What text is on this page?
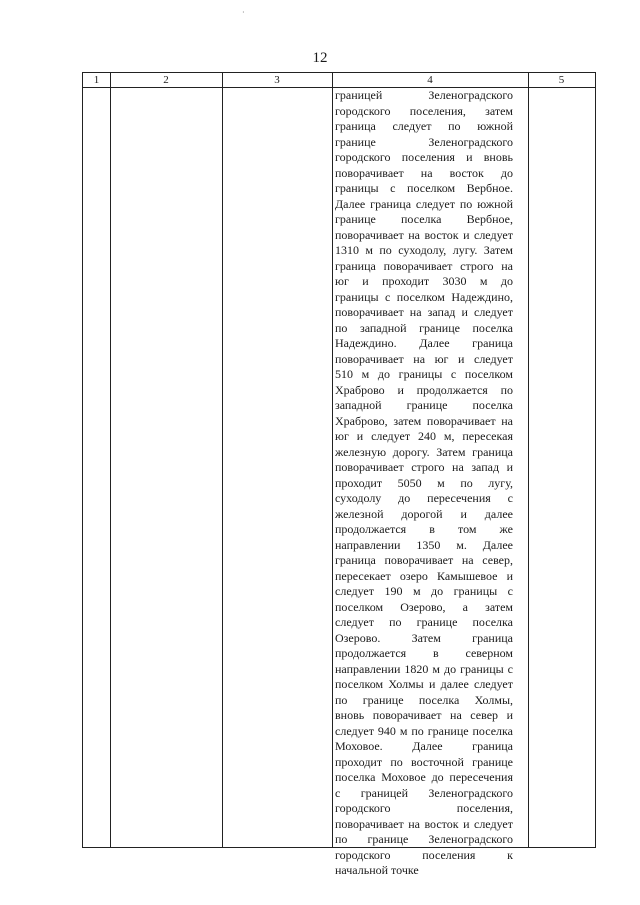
12
·
1	2	3	4	5
границей Зеленоградского
городского поселения, затем
граница следует по южной
границе Зеленоградского
городского поселения и вновь
поворачивает на восток до
границы с поселком Вербное.
Далее граница следует по южной
границе поселка Вербное,
поворачивает на восток и следует
1310 м по суходолу, лугу. Затем
граница поворачивает строго на
юг и проходит 3030 м до
границы с поселком Надеждино,
поворачивает на запад и следует
по западной границе поселка
Надеждино. Далее граница
поворачивает на юг и следует
510 м до границы с поселком
Храброво и продолжается по
западной границе поселка
Храброво, затем поворачивает на
юг и следует 240 м, пересекая
железную дорогу. Затем граница
поворачивает строго на запад и
проходит 5050 м по лугу,
суходолу до пересечения с
железной дорогой и далее
продолжается в том же
направлении 1350 м. Далее
граница поворачивает на север,
пересекает озеро Камышевое и
следует 190 м до границы с
поселком Озерово, а затем
следует по границе поселка
Озерово. Затем граница
продолжается в северном
направлении 1820 м до границы с
поселком Холмы и далее следует
по границе поселка Холмы,
вновь поворачивает на север и
следует 940 м по границе поселка
Моховое. Далее граница
проходит по восточной границе
поселка Моховое до пересечения
с границей Зеленоградского
городского поселения,
поворачивает на восток и следует
по границе Зеленоградского
городского поселения к
начальной точке
